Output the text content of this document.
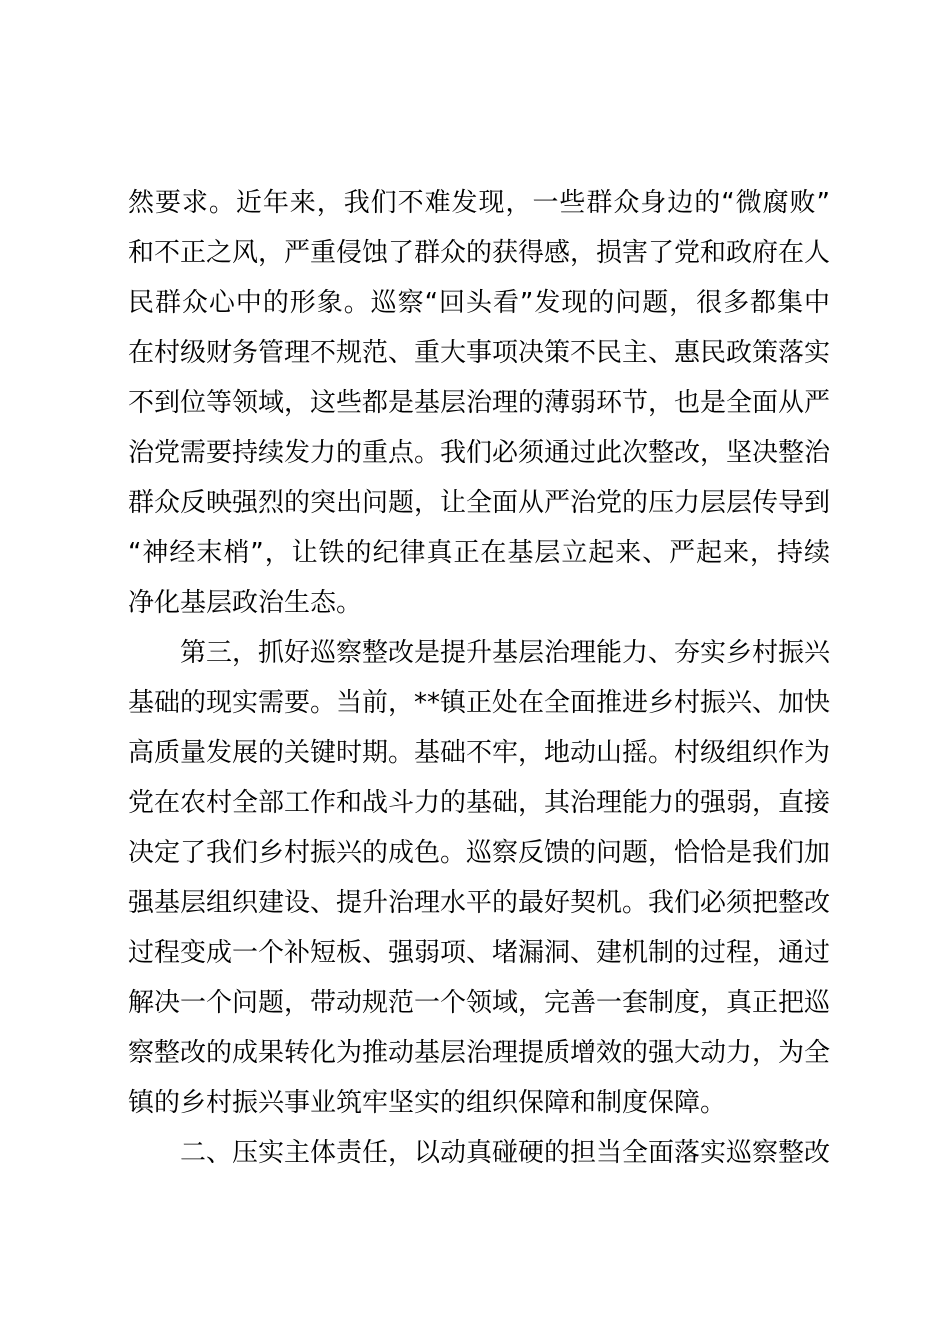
然要求。近年来，我们不难发现，一些群众身边的“微腐败”
和不正之风，严重侵蚀了群众的获得感，损害了党和政府在人
民群众心中的形象。巡察“回头看”发现的问题，很多都集中
在村级财务管理不规范、重大事项决策不民主、惠民政策落实
不到位等领域，这些都是基层治理的薄弱环节，也是全面从严
治党需要持续发力的重点。我们必须通过此次整改，坚决整治
群众反映强烈的突出问题，让全面从严治党的压力层层传导到
“神经末梢”，让铁的纪律真正在基层立起来、严起来，持续
净化基层政治生态。
第三，抓好巡察整改是提升基层治理能力、夯实乡村振兴
基础的现实需要。当前，**镇正处在全面推进乡村振兴、加快
高质量发展的关键时期。基础不牢，地动山摇。村级组织作为
党在农村全部工作和战斗力的基础，其治理能力的强弱，直接
决定了我们乡村振兴的成色。巡察反馈的问题，恰恰是我们加
强基层组织建设、提升治理水平的最好契机。我们必须把整改
过程变成一个补短板、强弱项、堵漏洞、建机制的过程，通过
解决一个问题，带动规范一个领域，完善一套制度，真正把巡
察整改的成果转化为推动基层治理提质增效的强大动力，为全
镇的乡村振兴事业筑牢坚实的组织保障和制度保障。
二、压实主体责任，以动真碰硬的担当全面落实巡察整改
